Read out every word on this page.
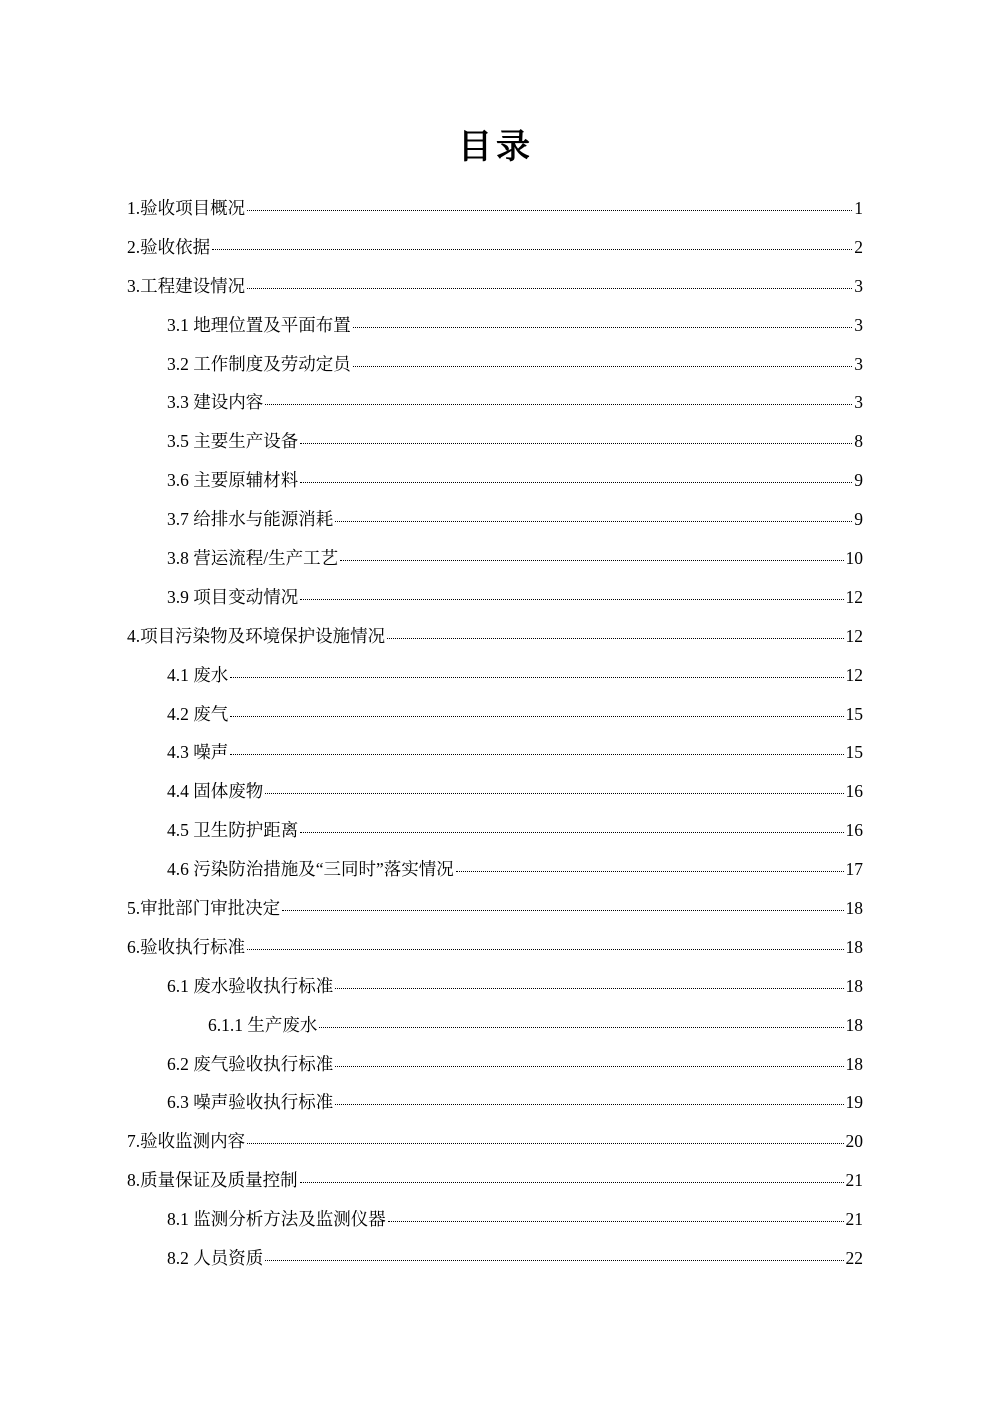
目录
1.验收项目概况	1
2.验收依据	2
3.工程建设情况	3
3.1 地理位置及平面布置	3
3.2 工作制度及劳动定员	3
3.3 建设内容	3
3.5 主要生产设备	8
3.6 主要原辅材料	9
3.7 给排水与能源消耗	9
3.8 营运流程/生产工艺	10
3.9 项目变动情况	12
4.项目污染物及环境保护设施情况	12
4.1 废水	12
4.2 废气	15
4.3 噪声	15
4.4 固体废物	16
4.5 卫生防护距离	16
4.6 污染防治措施及“三同时”落实情况	17
5.审批部门审批决定	18
6.验收执行标准	18
6.1 废水验收执行标准	18
6.1.1 生产废水	18
6.2 废气验收执行标准	18
6.3 噪声验收执行标准	19
7.验收监测内容	20
8.质量保证及质量控制	21
8.1 监测分析方法及监测仪器	21
8.2 人员资质	22
